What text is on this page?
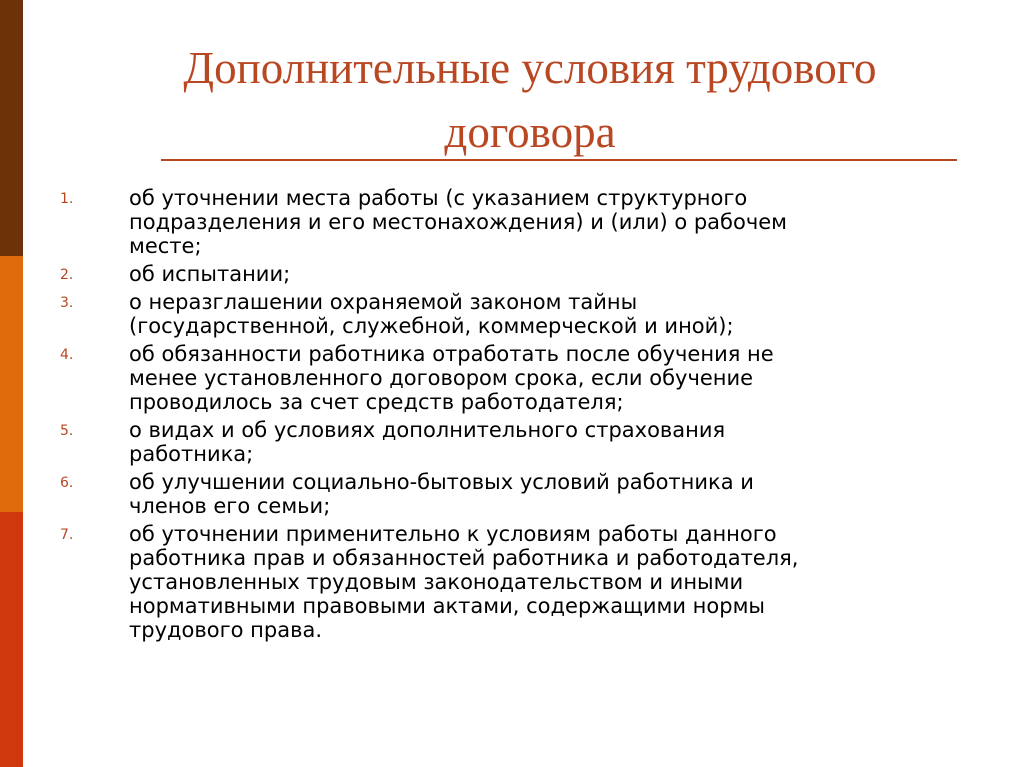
Дополнительные условия трудового
договора
1.	об уточнении места работы (с указанием структурного
подразделения и его местонахождения) и (или) о рабочем
месте;
2.	об испытании;
3.	о неразглашении охраняемой законом тайны
(государственной, служебной, коммерческой и иной);
4.	об обязанности работника отработать после обучения не
менее установленного договором срока, если обучение
проводилось за счет средств работодателя;
5.	о видах и об условиях дополнительного страхования
работника;
6.	об улучшении социально-бытовых условий работника и
членов его семьи;
7.	об уточнении применительно к условиям работы данного
работника прав и обязанностей работника и работодателя,
установленных трудовым законодательством и иными
нормативными правовыми актами, содержащими нормы
трудового права.
